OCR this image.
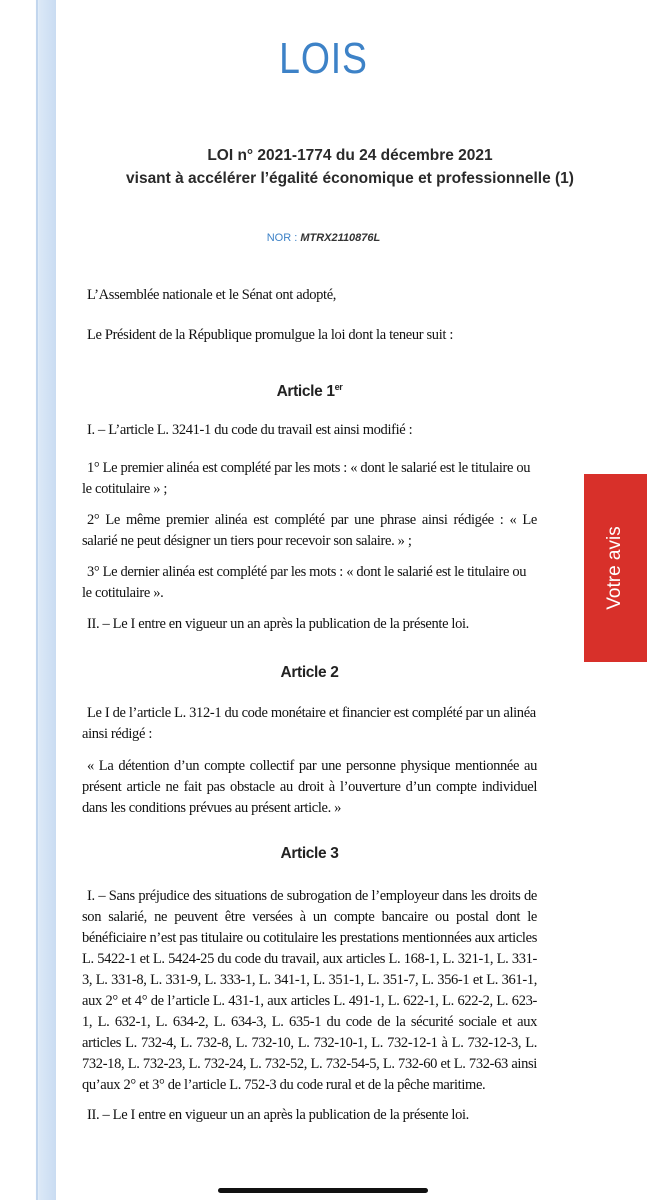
LOIS
LOI n° 2021-1774 du 24 décembre 2021
visant à accélérer l’égalité économique et professionnelle (1)
NOR : MTRX2110876L

L’Assemblée nationale et le Sénat ont adopté,

Le Président de la République promulgue la loi dont la teneur suit :

Article 1er

I. – L’article L. 3241-1 du code du travail est ainsi modifié :

1° Le premier alinéa est complété par les mots : « dont le salarié est le titulaire ou le cotitulaire » ;

2° Le même premier alinéa est complété par une phrase ainsi rédigée : « Le salarié ne peut désigner un tiers pour recevoir son salaire. » ;

3° Le dernier alinéa est complété par les mots : « dont le salarié est le titulaire ou le cotitulaire ».

II. – Le I entre en vigueur un an après la publication de la présente loi.

Article 2

Le I de l’article L. 312-1 du code monétaire et financier est complété par un alinéa ainsi rédigé :

« La détention d’un compte collectif par une personne physique mentionnée au présent article ne fait pas obstacle au droit à l’ouverture d’un compte individuel dans les conditions prévues au présent article. »

Article 3

I. – Sans préjudice des situations de subrogation de l’employeur dans les droits de son salarié, ne peuvent être versées à un compte bancaire ou postal dont le bénéficiaire n’est pas titulaire ou cotitulaire les prestations mentionnées aux articles L. 5422-1 et L. 5424-25 du code du travail, aux articles L. 168-1, L. 321-1, L. 331-3, L. 331-8, L. 331-9, L. 333-1, L. 341-1, L. 351-1, L. 351-7, L. 356-1 et L. 361-1, aux 2° et 4° de l’article L. 431-1, aux articles L. 491-1, L. 622-1, L. 622-2, L. 623-1, L. 632-1, L. 634-2, L. 634-3, L. 635-1 du code de la sécurité sociale et aux articles L. 732-4, L. 732-8, L. 732-10, L. 732-10-1, L. 732-12-1 à L. 732-12-3, L. 732-18, L. 732-23, L. 732-24, L. 732-52, L. 732-54-5, L. 732-60 et L. 732-63 ainsi qu’aux 2° et 3° de l’article L. 752-3 du code rural et de la pêche maritime.

II. – Le I entre en vigueur un an après la publication de la présente loi.

Votre avis
